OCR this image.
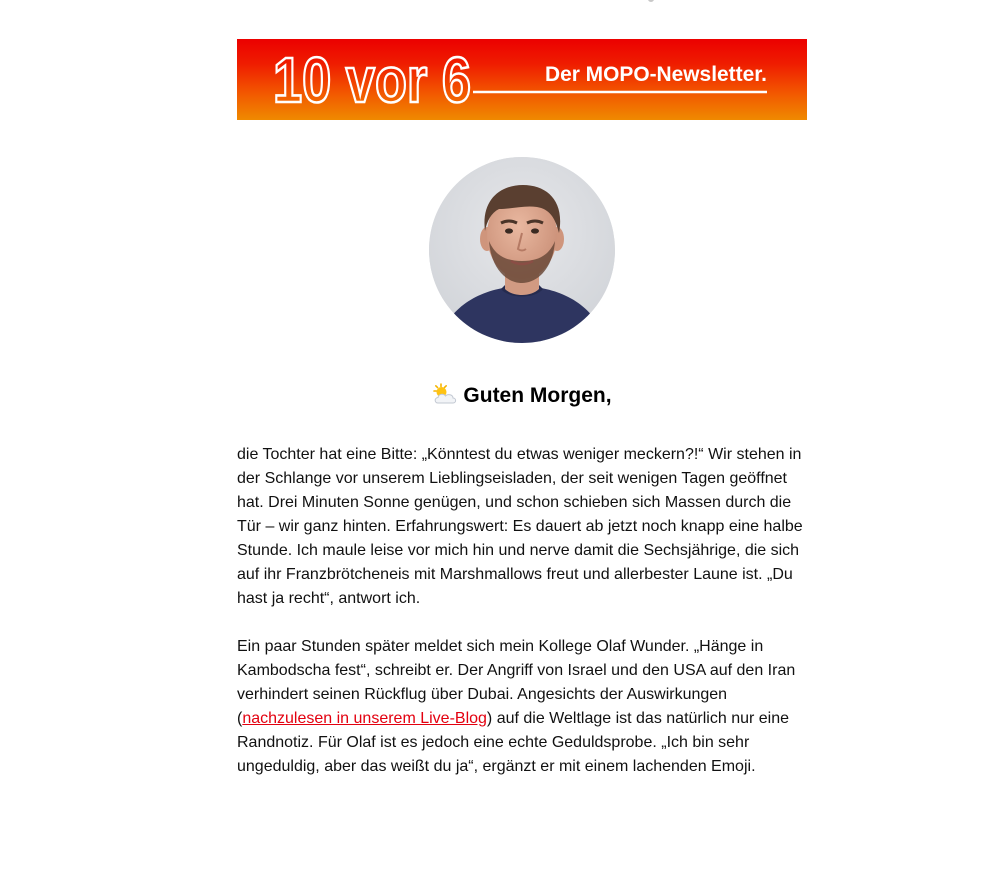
10 vor 6	Der MOPO-Newsletter.
Guten Morgen,

die Tochter hat eine Bitte: „Könntest du etwas weniger meckern?!“ Wir stehen in der Schlange vor unserem Lieblingseisladen, der seit wenigen Tagen geöffnet hat. Drei Minuten Sonne genügen, und schon schieben sich Massen durch die Tür – wir ganz hinten. Erfahrungswert: Es dauert ab jetzt noch knapp eine halbe Stunde. Ich maule leise vor mich hin und nerve damit die Sechsjährige, die sich auf ihr Franzbrötcheneis mit Marshmallows freut und allerbester Laune ist. „Du hast ja recht“, antwort ich.

Ein paar Stunden später meldet sich mein Kollege Olaf Wunder. „Hänge in Kambodscha fest“, schreibt er. Der Angriff von Israel und den USA auf den Iran verhindert seinen Rückflug über Dubai. Angesichts der Auswirkungen (nachzulesen in unserem Live-Blog) auf die Weltlage ist das natürlich nur eine Randnotiz. Für Olaf ist es jedoch eine echte Geduldsprobe. „Ich bin sehr ungeduldig, aber das weißt du ja“, ergänzt er mit einem lachenden Emoji.
